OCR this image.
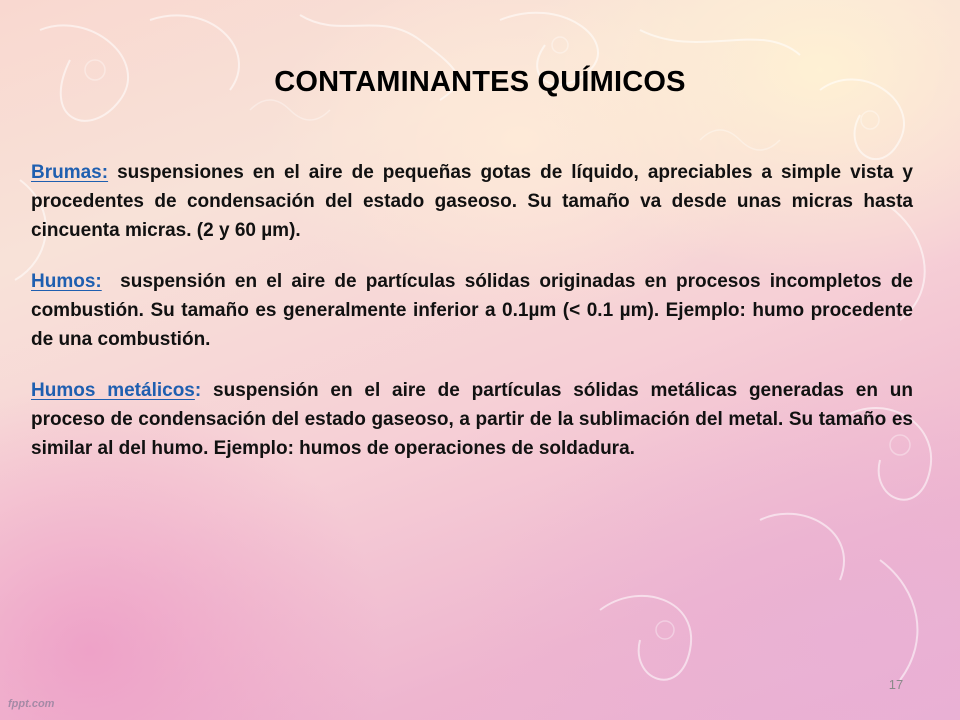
CONTAMINANTES QUÍMICOS

Brumas: suspensiones en el aire de pequeñas gotas de líquido, apreciables a simple vista y procedentes de condensación del estado gaseoso. Su tamaño va desde unas micras hasta cincuenta micras. (2 y 60 µm).

Humos:  suspensión en el aire de partículas sólidas originadas en procesos incompletos de combustión. Su tamaño es generalmente inferior a 0.1µm (< 0.1 µm). Ejemplo: humo procedente de una combustión.

Humos metálicos: suspensión en el aire de partículas sólidas metálicas generadas en un proceso de condensación del estado gaseoso, a partir de la sublimación del metal. Su tamaño es similar al del humo. Ejemplo: humos de operaciones de soldadura.

17
fppt.com
